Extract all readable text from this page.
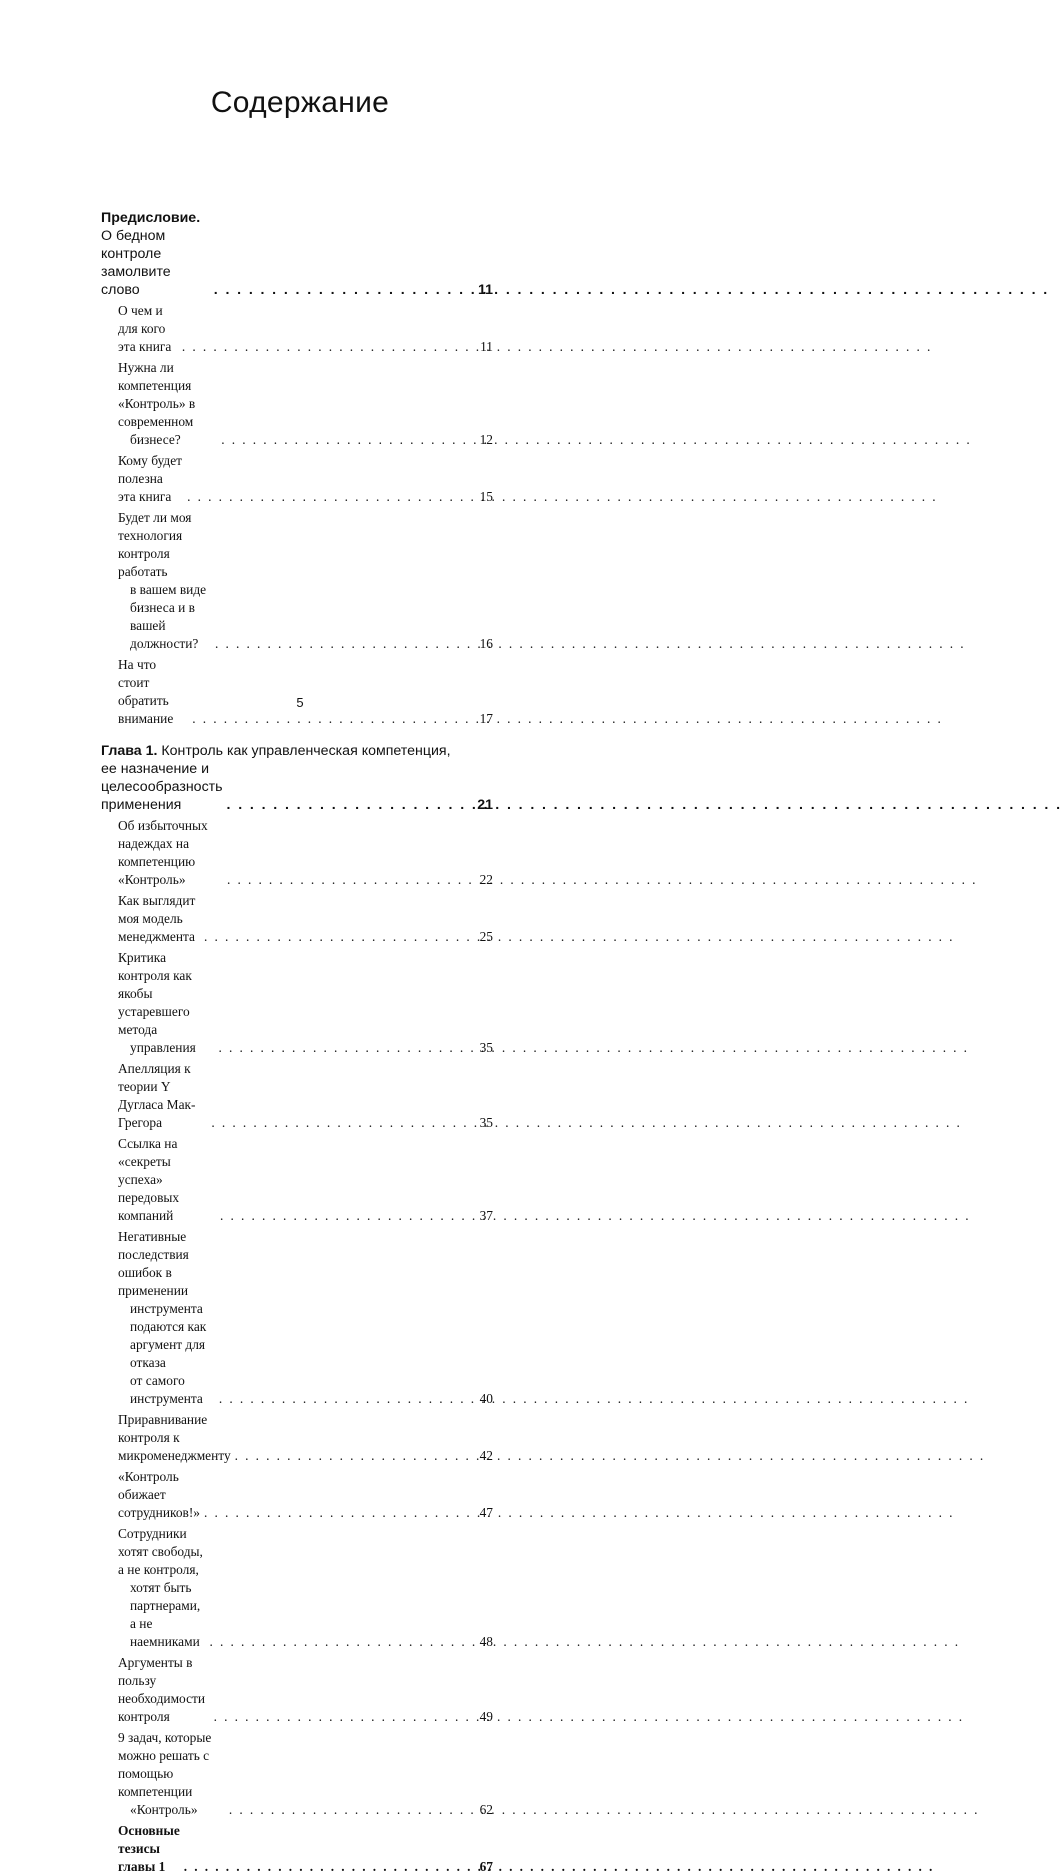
Содержание
Предисловие. О бедном контроле замолвите слово . . .	11
О чем и для кого эта книга . . .	11
Нужна ли компетенция «Контроль» в современном
бизнесе? . . .	12
Кому будет полезна эта книга . . .	15
Будет ли моя технология контроля работать
в вашем виде бизнеса и в вашей должности? . . .	16
На что стоит обратить внимание . . .	17
Глава 1. Контроль как управленческая компетенция,
ее назначение и целесообразность применения . . .	21
Об избыточных надеждах на компетенцию «Контроль» . . .	22
Как выглядит моя модель менеджмента . . .	25
Критика контроля как якобы устаревшего метода
управления . . .	35
Апелляция к теории Y Дугласа Мак-Грегора . . .	35
Ссылка на «секреты успеха» передовых компаний . . .	37
Негативные последствия ошибок в применении
инструмента подаются как аргумент для отказа
от самого инструмента . . .	40
Приравнивание контроля к микроменеджменту . . .	42
«Контроль обижает сотрудников!» . . .	47
Сотрудники хотят свободы, а не контроля,
хотят быть партнерами, а не наемниками . . .	48
Аргументы в пользу необходимости контроля . . .	49
9 задач, которые можно решать с помощью компетенции
«Контроль» . . .	62
Основные тезисы главы 1 . . .	67
5
